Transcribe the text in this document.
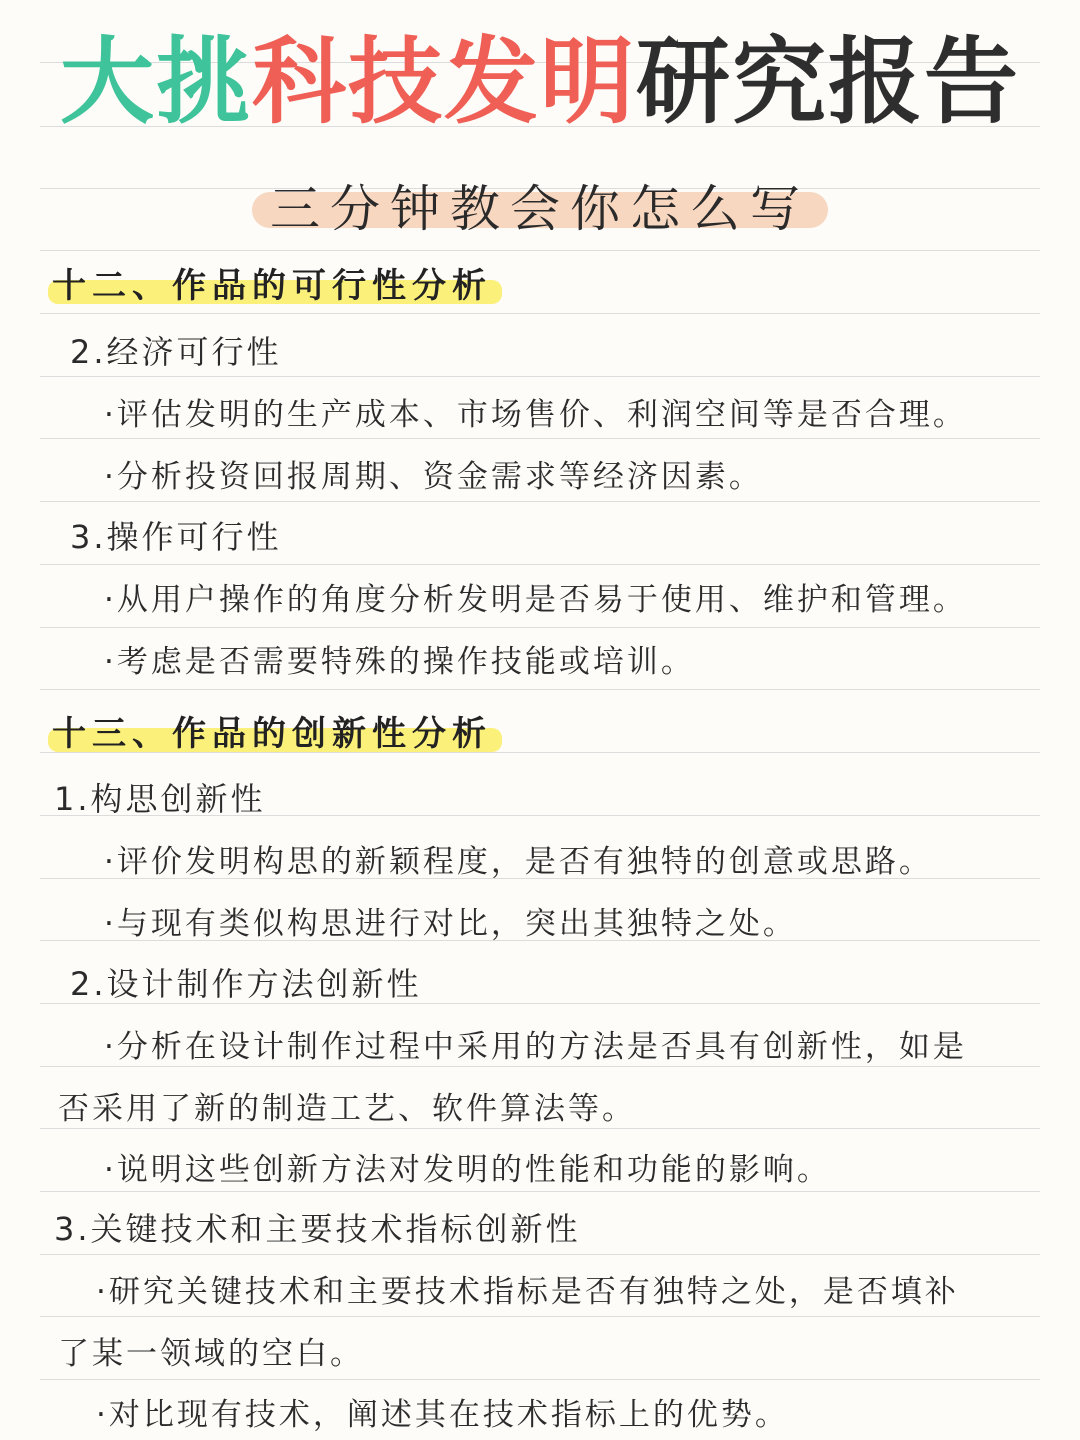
大挑科技发明研究报告
三分钟教会你怎么写
十二、作品的可行性分析
2.经济可行性
·评估发明的生产成本、市场售价、利润空间等是否合理。
·分析投资回报周期、资金需求等经济因素。
3.操作可行性
·从用户操作的角度分析发明是否易于使用、维护和管理。
·考虑是否需要特殊的操作技能或培训。
十三、作品的创新性分析
1.构思创新性
·评价发明构思的新颖程度，是否有独特的创意或思路。
·与现有类似构思进行对比，突出其独特之处。
2.设计制作方法创新性
·分析在设计制作过程中采用的方法是否具有创新性，如是
否采用了新的制造工艺、软件算法等。
·说明这些创新方法对发明的性能和功能的影响。
3.关键技术和主要技术指标创新性
·研究关键技术和主要技术指标是否有独特之处，是否填补
了某一领域的空白。
·对比现有技术，阐述其在技术指标上的优势。
